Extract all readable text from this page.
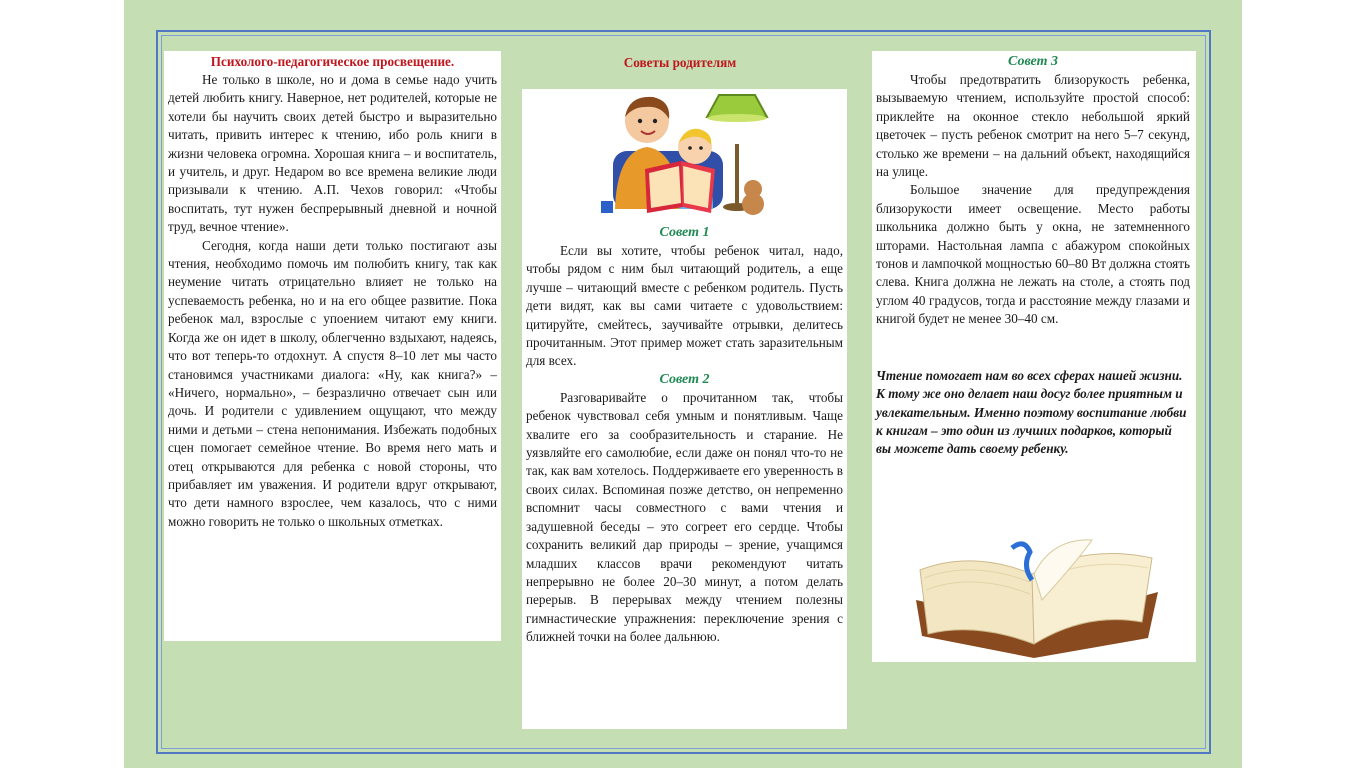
Психолого-педагогическое просвещение.

Не только в школе, но и дома в семье надо учить детей любить книгу. Наверное, нет родителей, которые не хотели бы научить своих детей быстро и выразительно читать, привить интерес к чтению, ибо роль книги в жизни человека огромна. Хорошая книга – и воспитатель, и учитель, и друг. Недаром во все времена великие люди призывали к чтению. А.П. Чехов говорил: «Чтобы воспитать, тут нужен беспрерывный дневной и ночной труд, вечное чтение».

Сегодня, когда наши дети только постигают азы чтения, необходимо помочь им полюбить книгу, так как неумение читать отрицательно влияет не только на успеваемость ребенка, но и на его общее развитие. Пока ребенок мал, взрослые с упоением читают ему книги. Когда же он идет в школу, облегченно вздыхают, надеясь, что вот теперь-то отдохнут. А спустя 8–10 лет мы часто становимся участниками диалога: «Ну, как книга?» – «Ничего, нормально», – безразлично отвечает сын или дочь. И родители с удивлением ощущают, что между ними и детьми – стена непонимания. Избежать подобных сцен помогает семейное чтение. Во время него мать и отец открываются для ребенка с новой стороны, что прибавляет им уважения. И родители вдруг открывают, что дети намного взрослее, чем казалось, что с ними можно говорить не только о школьных отметках.

Советы родителям
Совет 1

Если вы хотите, чтобы ребенок читал, надо, чтобы рядом с ним был читающий родитель, а еще лучше – читающий вместе с ребенком родитель. Пусть дети видят, как вы сами читаете с удовольствием: цитируйте, смейтесь, заучивайте отрывки, делитесь прочитанным. Этот пример может стать заразительным для всех.

Совет 2

Разговаривайте о прочитанном так, чтобы ребенок чувствовал себя умным и понятливым. Чаще хвалите его за сообразительность и старание. Не уязвляйте его самолюбие, если даже он понял что-то не так, как вам хотелось. Поддерживаете его уверенность в своих силах. Вспоминая позже детство, он непременно вспомнит часы совместного с вами чтения и задушевной беседы – это согреет его сердце. Чтобы сохранить великий дар природы – зрение, учащимся младших классов врачи рекомендуют читать непрерывно не более 20–30 минут, а потом делать перерыв. В перерывах между чтением полезны гимнастические упражнения: переключение зрения с ближней точки на более дальнюю.

Совет 3

Чтобы предотвратить близорукость ребенка, вызываемую чтением, используйте простой способ: приклейте на оконное стекло небольшой яркий цветочек – пусть ребенок смотрит на него 5–7 секунд, столько же времени – на дальний объект, находящийся на улице.

Большое значение для предупреждения близорукости имеет освещение. Место работы школьника должно быть у окна, не затемненного шторами. Настольная лампа с абажуром спокойных тонов и лампочкой мощностью 60–80 Вт должна стоять слева. Книга должна не лежать на столе, а стоять под углом 40 градусов, тогда и расстояние между глазами и книгой будет не менее 30–40 см.

Чтение помогает нам во всех сферах нашей жизни. К тому же оно делает наш досуг более приятным и увлекательным. Именно поэтому воспитание любви к книгам – это один из лучших подарков, который вы можете дать своему ребенку.
